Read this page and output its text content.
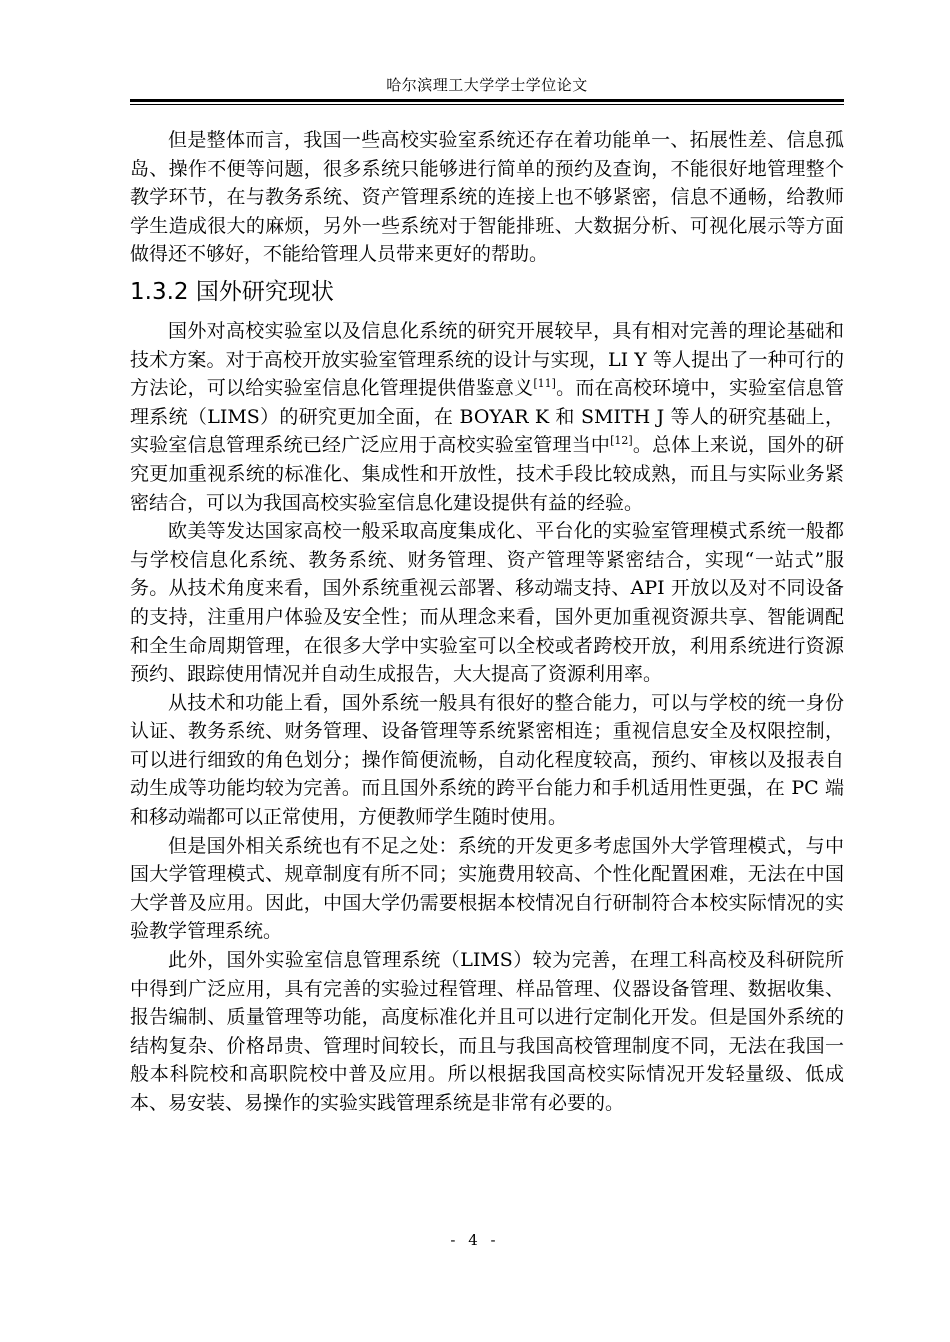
哈尔滨理工大学学士学位论文

但是整体而言，我国一些高校实验室系统还存在着功能单一、拓展性差、信息孤岛、操作不便等问题，很多系统只能够进行简单的预约及查询，不能很好地管理整个教学环节，在与教务系统、资产管理系统的连接上也不够紧密，信息不通畅，给教师学生造成很大的麻烦，另外一些系统对于智能排班、大数据分析、可视化展示等方面做得还不够好，不能给管理人员带来更好的帮助。

1.3.2 国外研究现状

国外对高校实验室以及信息化系统的研究开展较早，具有相对完善的理论基础和技术方案。对于高校开放实验室管理系统的设计与实现，LI Y 等人提出了一种可行的方法论，可以给实验室信息化管理提供借鉴意义[11]。而在高校环境中，实验室信息管理系统（LIMS）的研究更加全面，在 BOYAR K 和 SMITH J 等人的研究基础上，实验室信息管理系统已经广泛应用于高校实验室管理当中[12]。总体上来说，国外的研究更加重视系统的标准化、集成性和开放性，技术手段比较成熟，而且与实际业务紧密结合，可以为我国高校实验室信息化建设提供有益的经验。

欧美等发达国家高校一般采取高度集成化、平台化的实验室管理模式系统一般都与学校信息化系统、教务系统、财务管理、资产管理等紧密结合，实现“一站式”服务。从技术角度来看，国外系统重视云部署、移动端支持、API 开放以及对不同设备的支持，注重用户体验及安全性；而从理念来看，国外更加重视资源共享、智能调配和全生命周期管理，在很多大学中实验室可以全校或者跨校开放，利用系统进行资源预约、跟踪使用情况并自动生成报告，大大提高了资源利用率。

从技术和功能上看，国外系统一般具有很好的整合能力，可以与学校的统一身份认证、教务系统、财务管理、设备管理等系统紧密相连；重视信息安全及权限控制，可以进行细致的角色划分；操作简便流畅，自动化程度较高，预约、审核以及报表自动生成等功能均较为完善。而且国外系统的跨平台能力和手机适用性更强，在 PC 端和移动端都可以正常使用，方便教师学生随时使用。

但是国外相关系统也有不足之处：系统的开发更多考虑国外大学管理模式，与中国大学管理模式、规章制度有所不同；实施费用较高、个性化配置困难，无法在中国大学普及应用。因此，中国大学仍需要根据本校情况自行研制符合本校实际情况的实验教学管理系统。

此外，国外实验室信息管理系统（LIMS）较为完善，在理工科高校及科研院所中得到广泛应用，具有完善的实验过程管理、样品管理、仪器设备管理、数据收集、报告编制、质量管理等功能，高度标准化并且可以进行定制化开发。但是国外系统的结构复杂、价格昂贵、管理时间较长，而且与我国高校管理制度不同，无法在我国一般本科院校和高职院校中普及应用。所以根据我国高校实际情况开发轻量级、低成本、易安装、易操作的实验实践管理系统是非常有必要的。

- 4 -
